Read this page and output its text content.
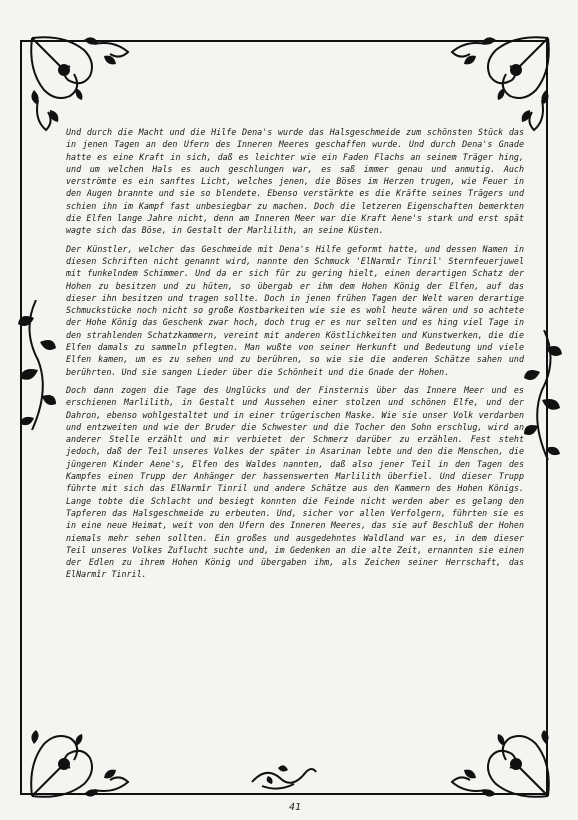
Und durch die Macht und die Hilfe Dena's wurde das Halsgeschmeide zum schönsten Stück das in jenen Tagen an den Ufern des Inneren Meeres geschaffen wurde. Und durch Dena's Gnade hatte es eine Kraft in sich, daß es leichter wie ein Faden Flachs an seinem Träger hing, und um welchen Hals es auch geschlungen war, es saß immer genau und anmutig. Auch verströmte es ein sanftes Licht, welches jenen, die Böses im Herzen trugen, wie Feuer in den Augen brannte und sie so blendete. Ebenso verstärkte es die Kräfte seines Trägers und schien ihn im Kampf fast unbesiegbar zu machen. Doch die letzeren Eigenschaften bemerkten die Elfen lange Jahre nicht, denn am Inneren Meer war die Kraft Aene's stark und erst spät wagte sich das Böse, in Gestalt der Marlilith, an seine Küsten.

Der Künstler, welcher das Geschmeide mit Dena's Hilfe geformt hatte, und dessen Namen in diesen Schriften nicht genannt wird, nannte den Schmuck 'ElNarmîr Tinril' Sternfeuerjuwel mit funkelndem Schimmer. Und da er sich für zu gering hielt, einen derartigen Schatz der Hohen zu besitzen und zu hüten, so übergab er ihm dem Hohen König der Elfen, auf das dieser ihn besitzen und tragen sollte. Doch in jenen frühen Tagen der Welt waren derartige Schmuckstücke noch nicht so große Kostbarkeiten wie sie es wohl heute wären und so achtete der Hohe König das Geschenk zwar hoch, doch trug er es nur selten und es hing viel Tage in den strahlenden Schatzkammern, vereint mit anderen Köstlichkeiten und Kunstwerken, die die Elfen damals zu sammeln pflegten. Man wußte von seiner Herkunft und Bedeutung und viele Elfen kamen, um es zu sehen und zu berühren, so wie sie die anderen Schätze sahen und berührten. Und sie sangen Lieder über die Schönheit und die Gnade der Hohen.

Doch dann zogen die Tage des Unglücks und der Finsternis über das Innere Meer und es erschienen Marlilith, in Gestalt und Aussehen einer stolzen und schönen Elfe, und der Dahron, ebenso wohlgestaltet und in einer trügerischen Maske. Wie sie unser Volk verdarben und entzweiten und wie der Bruder die Schwester und die Tocher den Sohn erschlug, wird an anderer Stelle erzählt und mir verbietet der Schmerz darüber zu erzählen. Fest steht jedoch, daß der Teil unseres Volkes der später in Asarinan lebte und den die Menschen, die jüngeren Kinder Aene's, Elfen des Waldes nannten, daß also jener Teil in den Tagen des Kampfes einen Trupp der Anhänger der hassenswerten Marlilith überfiel. Und dieser Trupp führte mit sich das ElNarmîr Tinril und andere Schätze aus den Kammern des Hohen Königs. Lange tobte die Schlacht und besiegt konnten die Feinde nicht werden aber es gelang den Tapferen das Halsgeschmeide zu erbeuten. Und, sicher vor allen Verfolgern, führten sie es in eine neue Heimat, weit von den Ufern des Inneren Meeres, das sie auf Beschluß der Hohen niemals mehr sehen sollten. Ein großes und ausgedehntes Waldland war es, in dem dieser Teil unseres Volkes Zuflucht suchte und, im Gedenken an die alte Zeit, ernannten sie einen der Edlen zu ihrem Hohen König und übergaben ihm, als Zeichen seiner Herrschaft, das ElNarmîr Tinril.

41
